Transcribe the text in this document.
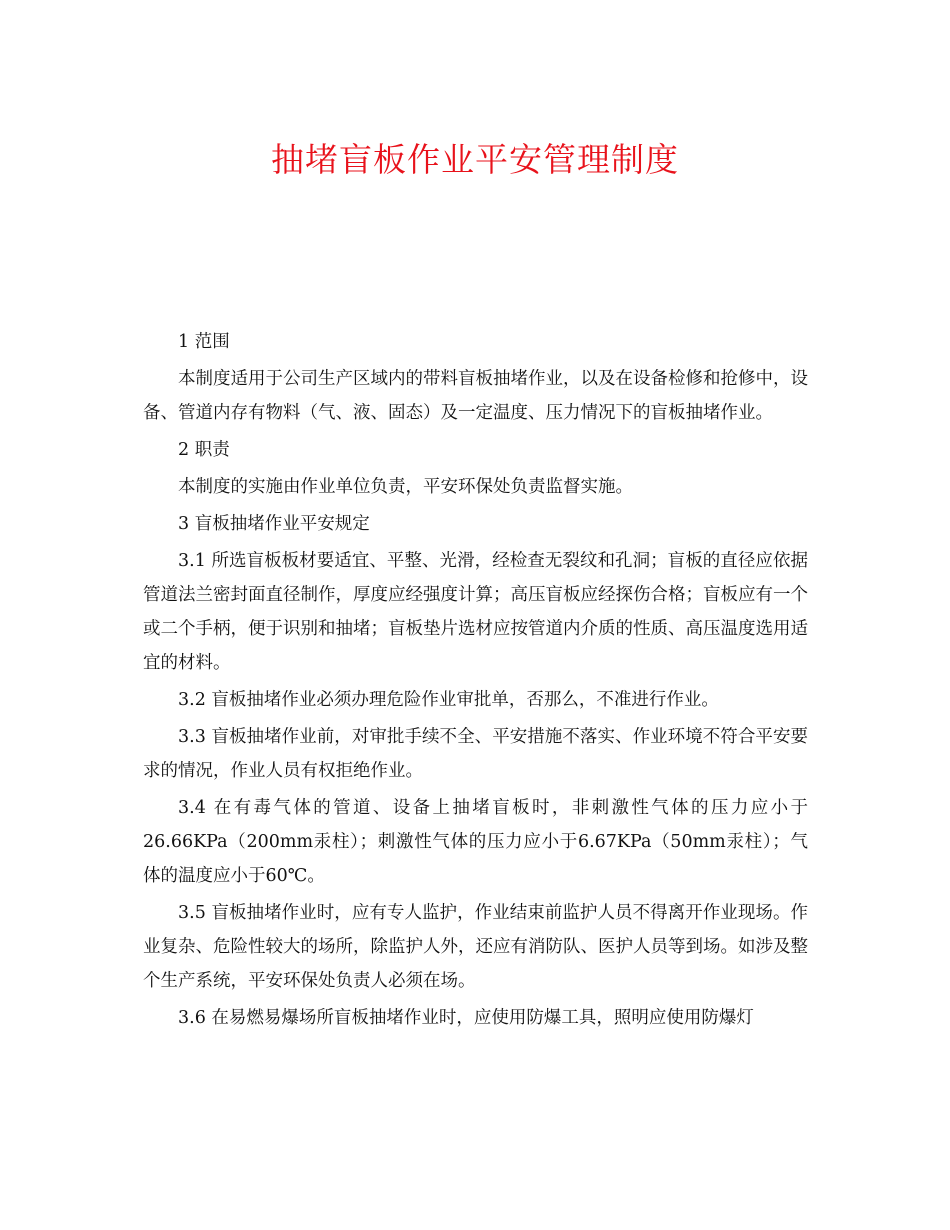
抽堵盲板作业平安管理制度

1 范围

本制度适用于公司生产区域内的带料盲板抽堵作业，以及在设备检修和抢修中，设备、管道内存有物料（气、液、固态）及一定温度、压力情况下的盲板抽堵作业。

2 职责

本制度的实施由作业单位负责，平安环保处负责监督实施。

3 盲板抽堵作业平安规定

3.1 所选盲板板材要适宜、平整、光滑，经检查无裂纹和孔洞；盲板的直径应依据管道法兰密封面直径制作，厚度应经强度计算；高压盲板应经探伤合格；盲板应有一个或二个手柄，便于识别和抽堵；盲板垫片选材应按管道内介质的性质、高压温度选用适宜的材料。

3.2 盲板抽堵作业必须办理危险作业审批单，否那么，不准进行作业。

3.3 盲板抽堵作业前，对审批手续不全、平安措施不落实、作业环境不符合平安要求的情况，作业人员有权拒绝作业。

3.4 在有毒气体的管道、设备上抽堵盲板时，非刺激性气体的压力应小于26.66KPa（200mm汞柱）；刺激性气体的压力应小于6.67KPa（50mm汞柱）；气体的温度应小于60℃。

3.5 盲板抽堵作业时，应有专人监护，作业结束前监护人员不得离开作业现场。作业复杂、危险性较大的场所，除监护人外，还应有消防队、医护人员等到场。如涉及整个生产系统，平安环保处负责人必须在场。

3.6 在易燃易爆场所盲板抽堵作业时，应使用防爆工具，照明应使用防爆灯
